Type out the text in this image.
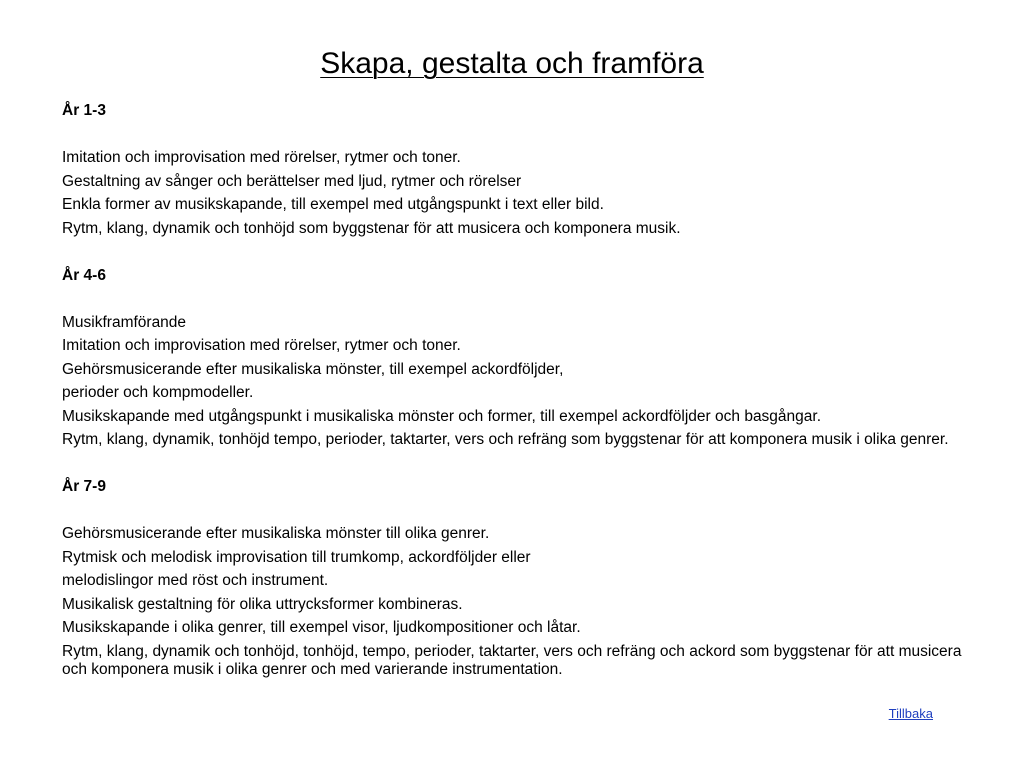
Skapa, gestalta och framföra

År 1-3

Imitation och improvisation med rörelser, rytmer och toner.

Gestaltning av sånger och berättelser med ljud, rytmer och rörelser

Enkla former av musikskapande, till exempel med utgångspunkt i text eller bild.

Rytm, klang, dynamik och tonhöjd som byggstenar för att musicera och komponera musik.

År 4-6

Musikframförande

Imitation och improvisation med rörelser, rytmer och toner.

Gehörsmusicerande efter musikaliska mönster, till exempel ackordföljder,

perioder och kompmodeller.

Musikskapande med utgångspunkt i musikaliska mönster och former, till exempel ackordföljder och basgångar.

Rytm, klang, dynamik, tonhöjd tempo, perioder, taktarter, vers och refräng som byggstenar för att komponera musik i olika genrer.

År 7-9

Gehörsmusicerande efter musikaliska mönster till olika genrer.

Rytmisk och melodisk improvisation till trumkomp, ackordföljder eller

melodislingor med röst och instrument.

Musikalisk gestaltning för olika uttrycksformer kombineras.

Musikskapande i olika genrer, till exempel visor, ljudkompositioner och låtar.

Rytm, klang, dynamik och tonhöjd, tonhöjd, tempo, perioder, taktarter, vers och refräng och ackord som byggstenar för att musicera och komponera musik i olika genrer och med varierande instrumentation.

Tillbaka
